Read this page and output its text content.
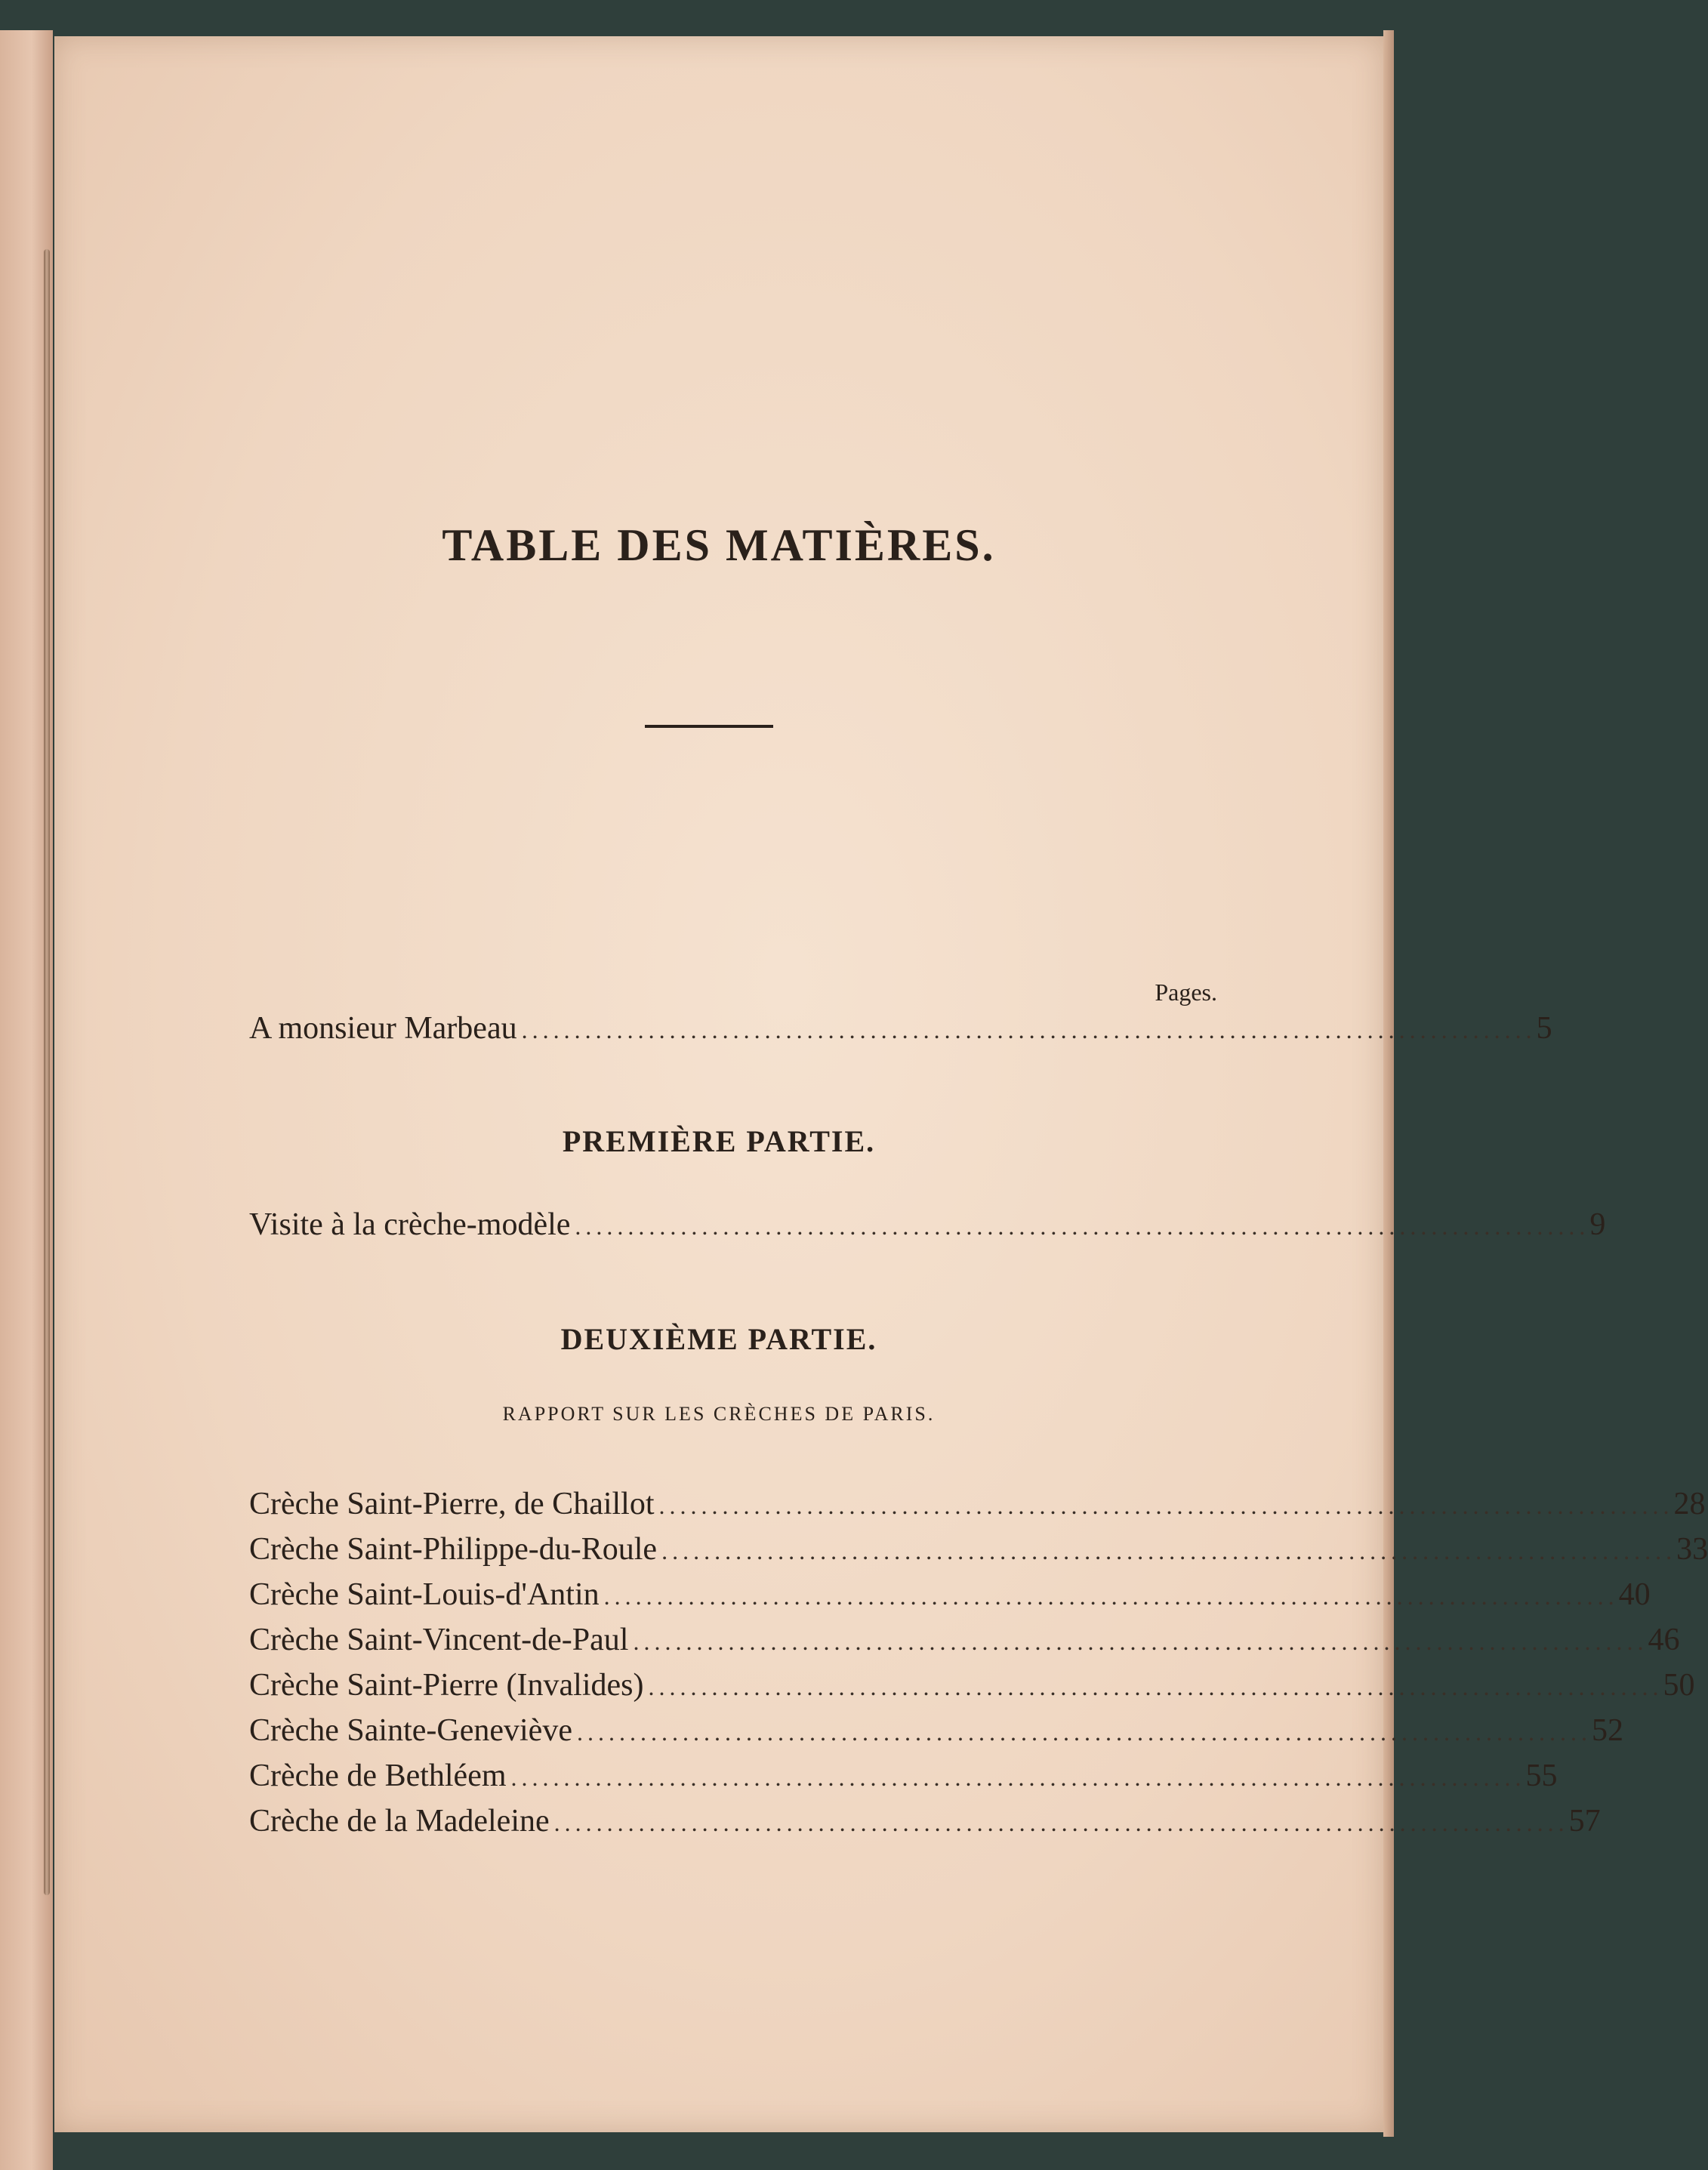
TABLE DES MATIÈRES.
Pages.
A monsieur Marbeau ................................................................................................ 5
PREMIÈRE PARTIE.
Visite à la crèche-modèle ................................................................................................ 9
DEUXIÈME PARTIE.
RAPPORT SUR LES CRÈCHES DE PARIS.
Crèche Saint-Pierre, de Chaillot ................................................................................................ 28
Crèche Saint-Philippe-du-Roule ................................................................................................ 33
Crèche Saint-Louis-d'Antin ................................................................................................ 40
Crèche Saint-Vincent-de-Paul ................................................................................................ 46
Crèche Saint-Pierre (Invalides) ................................................................................................ 50
Crèche Sainte-Geneviève ................................................................................................ 52
Crèche de Bethléem ................................................................................................ 55
Crèche de la Madeleine ................................................................................................ 57
